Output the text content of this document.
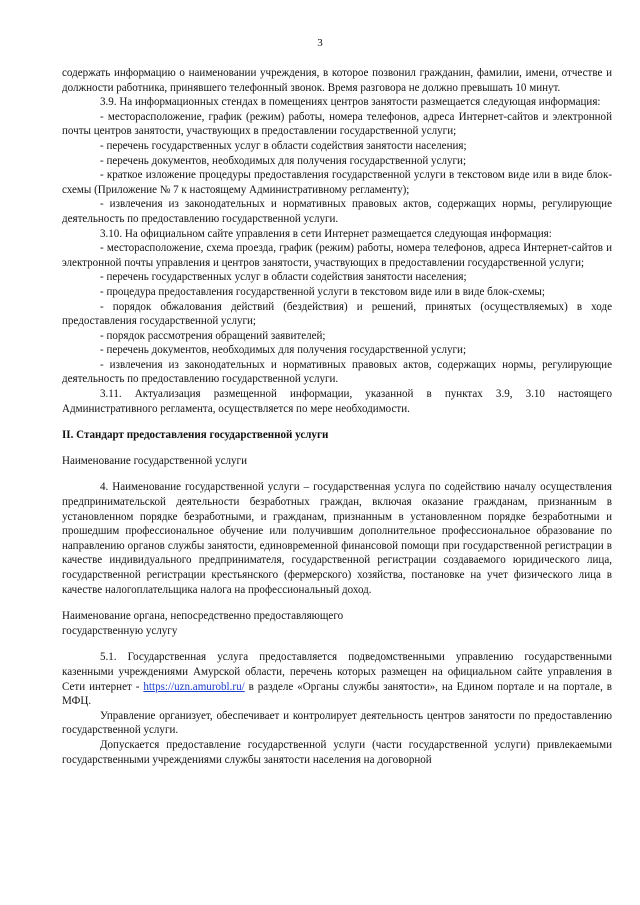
3

содержать информацию о наименовании учреждения, в которое позвонил гражданин, фамилии, имени, отчестве и должности работника, принявшего телефонный звонок. Время разговора не должно превышать 10 минут.

3.9. На информационных стендах в помещениях центров занятости размещается следующая информация:

- месторасположение, график (режим) работы, номера телефонов, адреса Интернет-сайтов и электронной почты центров занятости, участвующих в предоставлении государственной услуги;

- перечень государственных услуг в области содействия занятости населения;

- перечень документов, необходимых для получения государственной услуги;

- краткое изложение процедуры предоставления государственной услуги в текстовом виде или в виде блок-схемы (Приложение № 7 к настоящему Административному регламенту);

- извлечения из законодательных и нормативных правовых актов, содержащих нормы, регулирующие деятельность по предоставлению государственной услуги.

3.10. На официальном сайте управления в сети Интернет размещается следующая информация:

- месторасположение, схема проезда, график (режим) работы, номера телефонов, адреса Интернет-сайтов и электронной почты управления и центров занятости, участвующих в предоставлении государственной услуги;

- перечень государственных услуг в области содействия занятости населения;

- процедура предоставления государственной услуги в текстовом виде или в виде блок-схемы;

- порядок обжалования действий (бездействия) и решений, принятых (осуществляемых) в ходе предоставления государственной услуги;

- порядок рассмотрения обращений заявителей;

- перечень документов, необходимых для получения государственной услуги;

- извлечения из законодательных и нормативных правовых актов, содержащих нормы, регулирующие деятельность по предоставлению государственной услуги.

3.11. Актуализация размещенной информации, указанной в пунктах 3.9, 3.10 настоящего Административного регламента, осуществляется по мере необходимости.

II. Стандарт предоставления государственной услуги

Наименование государственной услуги

4. Наименование государственной услуги – государственная услуга по содействию началу осуществления предпринимательской деятельности безработных граждан, включая оказание гражданам, признанным в установленном порядке безработными, и гражданам, признанным в установленном порядке безработными и прошедшим профессиональное обучение или получившим дополнительное профессиональное образование по направлению органов службы занятости, единовременной финансовой помощи при государственной регистрации в качестве индивидуального предпринимателя, государственной регистрации создаваемого юридического лица, государственной регистрации крестьянского (фермерского) хозяйства, постановке на учет физического лица в качестве налогоплательщика налога на профессиональный доход.

Наименование органа, непосредственно предоставляющего
государственную услугу

5.1. Государственная услуга предоставляется подведомственными управлению государственными казенными учреждениями Амурской области, перечень которых размещен на официальном сайте управления в Сети интернет - https://uzn.amurobl.ru/ в разделе «Органы службы занятости», на Едином портале и на портале, в МФЦ.

Управление организует, обеспечивает и контролирует деятельность центров занятости по предоставлению государственной услуги.

Допускается предоставление государственной услуги (части государственной услуги) привлекаемыми государственными учреждениями службы занятости населения на договорной
